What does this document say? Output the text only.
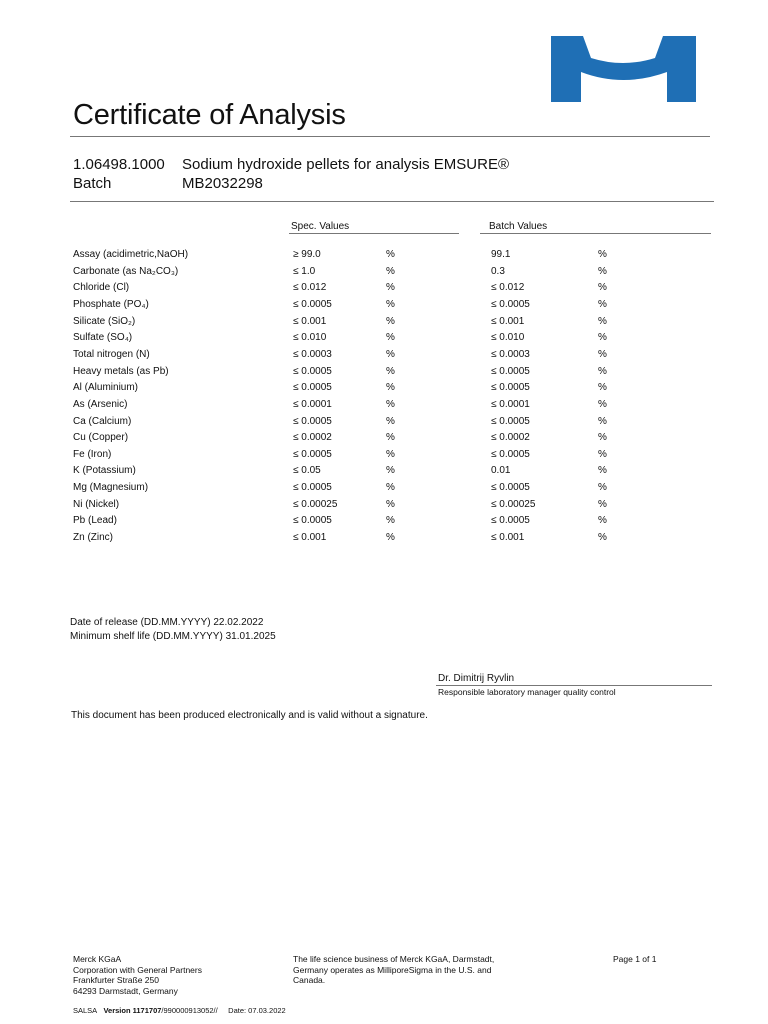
Certificate of Analysis
1.06498.1000 Sodium hydroxide pellets for analysis EMSURE®
Batch	MB2032298
Spec. Values	Batch Values
Assay (acidimetric,NaOH)	≥ 99.0	%	99.1	%
Carbonate (as Na₂CO₃)	≤ 1.0	%	0.3	%
Chloride (Cl)	≤ 0.012	%	≤ 0.012	%
Phosphate (PO₄)	≤ 0.0005	%	≤ 0.0005	%
Silicate (SiO₂)	≤ 0.001	%	≤ 0.001	%
Sulfate (SO₄)	≤ 0.010	%	≤ 0.010	%
Total nitrogen (N)	≤ 0.0003	%	≤ 0.0003	%
Heavy metals (as Pb)	≤ 0.0005	%	≤ 0.0005	%
Al (Aluminium)	≤ 0.0005	%	≤ 0.0005	%
As (Arsenic)	≤ 0.0001	%	≤ 0.0001	%
Ca (Calcium)	≤ 0.0005	%	≤ 0.0005	%
Cu (Copper)	≤ 0.0002	%	≤ 0.0002	%
Fe (Iron)	≤ 0.0005	%	≤ 0.0005	%
K (Potassium)	≤ 0.05	%	0.01	%
Mg (Magnesium)	≤ 0.0005	%	≤ 0.0005	%
Ni (Nickel)	≤ 0.00025	%	≤ 0.00025	%
Pb (Lead)	≤ 0.0005	%	≤ 0.0005	%
Zn (Zinc)	≤ 0.001	%	≤ 0.001	%
Date of release (DD.MM.YYYY) 22.02.2022
Minimum shelf life (DD.MM.YYYY) 31.01.2025
Dr. Dimitrij Ryvlin
Responsible laboratory manager quality control
This document has been produced electronically and is valid without a signature.
Merck KGaA
Corporation with General Partners
Frankfurter Straße 250
64293 Darmstadt, Germany
The life science business of Merck KGaA, Darmstadt,
Germany operates as MilliporeSigma in the U.S. and
Canada.
Page 1 of 1
SALSA Version 1171707/990000913052// Date: 07.03.2022
